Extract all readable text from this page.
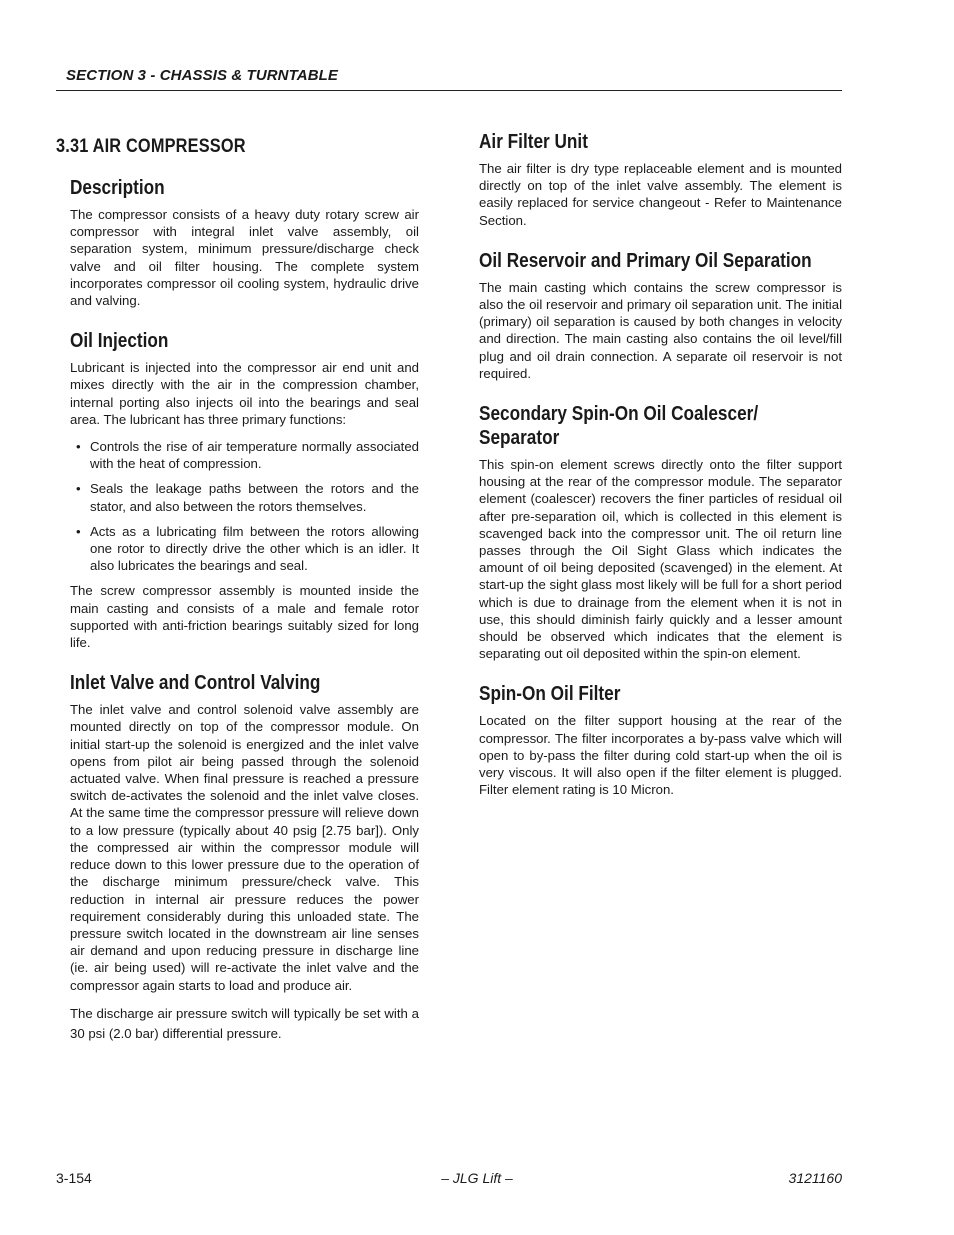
SECTION 3 - CHASSIS & TURNTABLE
3.31 AIR COMPRESSOR
Description

The compressor consists of a heavy duty rotary screw air compressor with integral inlet valve assembly, oil separation system, minimum pressure/discharge check valve and oil filter housing. The complete system incorporates compressor oil cooling system, hydraulic drive and valving.

Oil Injection

Lubricant is injected into the compressor air end unit and mixes directly with the air in the compression chamber, internal porting also injects oil into the bearings and seal area. The lubricant has three primary functions:

• Controls the rise of air temperature normally associated with the heat of compression.
• Seals the leakage paths between the rotors and the stator, and also between the rotors themselves.
• Acts as a lubricating film between the rotors allowing one rotor to directly drive the other which is an idler. It also lubricates the bearings and seal.

The screw compressor assembly is mounted inside the main casting and consists of a male and female rotor supported with anti-friction bearings suitably sized for long life.

Inlet Valve and Control Valving

The inlet valve and control solenoid valve assembly are mounted directly on top of the compressor module. On initial start-up the solenoid is energized and the inlet valve opens from pilot air being passed through the solenoid actuated valve. When final pressure is reached a pressure switch de-activates the solenoid and the inlet valve closes. At the same time the compressor pressure will relieve down to a low pressure (typically about 40 psig [2.75 bar]). Only the compressed air within the compressor module will reduce down to this lower pressure due to the operation of the discharge minimum pressure/check valve. This reduction in internal air pressure reduces the power requirement considerably during this unloaded state. The pressure switch located in the downstream air line senses air demand and upon reducing pressure in discharge line (ie. air being used) will re-activate the inlet valve and the compressor again starts to load and produce air.

The discharge air pressure switch will typically be set with a 30 psi (2.0 bar) differential pressure.

Air Filter Unit

The air filter is dry type replaceable element and is mounted directly on top of the inlet valve assembly. The element is easily replaced for service changeout - Refer to Maintenance Section.

Oil Reservoir and Primary Oil Separation

The main casting which contains the screw compressor is also the oil reservoir and primary oil separation unit. The initial (primary) oil separation is caused by both changes in velocity and direction. The main casting also contains the oil level/fill plug and oil drain connection. A separate oil reservoir is not required.

Secondary Spin-On Oil Coalescer/ Separator

This spin-on element screws directly onto the filter support housing at the rear of the compressor module. The separator element (coalescer) recovers the finer particles of residual oil after pre-separation oil, which is collected in this element is scavenged back into the compressor unit. The oil return line passes through the Oil Sight Glass which indicates the amount of oil being deposited (scavenged) in the element. At start-up the sight glass most likely will be full for a short period which is due to drainage from the element when it is not in use, this should diminish fairly quickly and a lesser amount should be observed which indicates that the element is separating out oil deposited within the spin-on element.

Spin-On Oil Filter

Located on the filter support housing at the rear of the compressor. The filter incorporates a by-pass valve which will open to by-pass the filter during cold start-up when the oil is very viscous. It will also open if the filter element is plugged. Filter element rating is 10 Micron.

3-154	– JLG Lift –	3121160
